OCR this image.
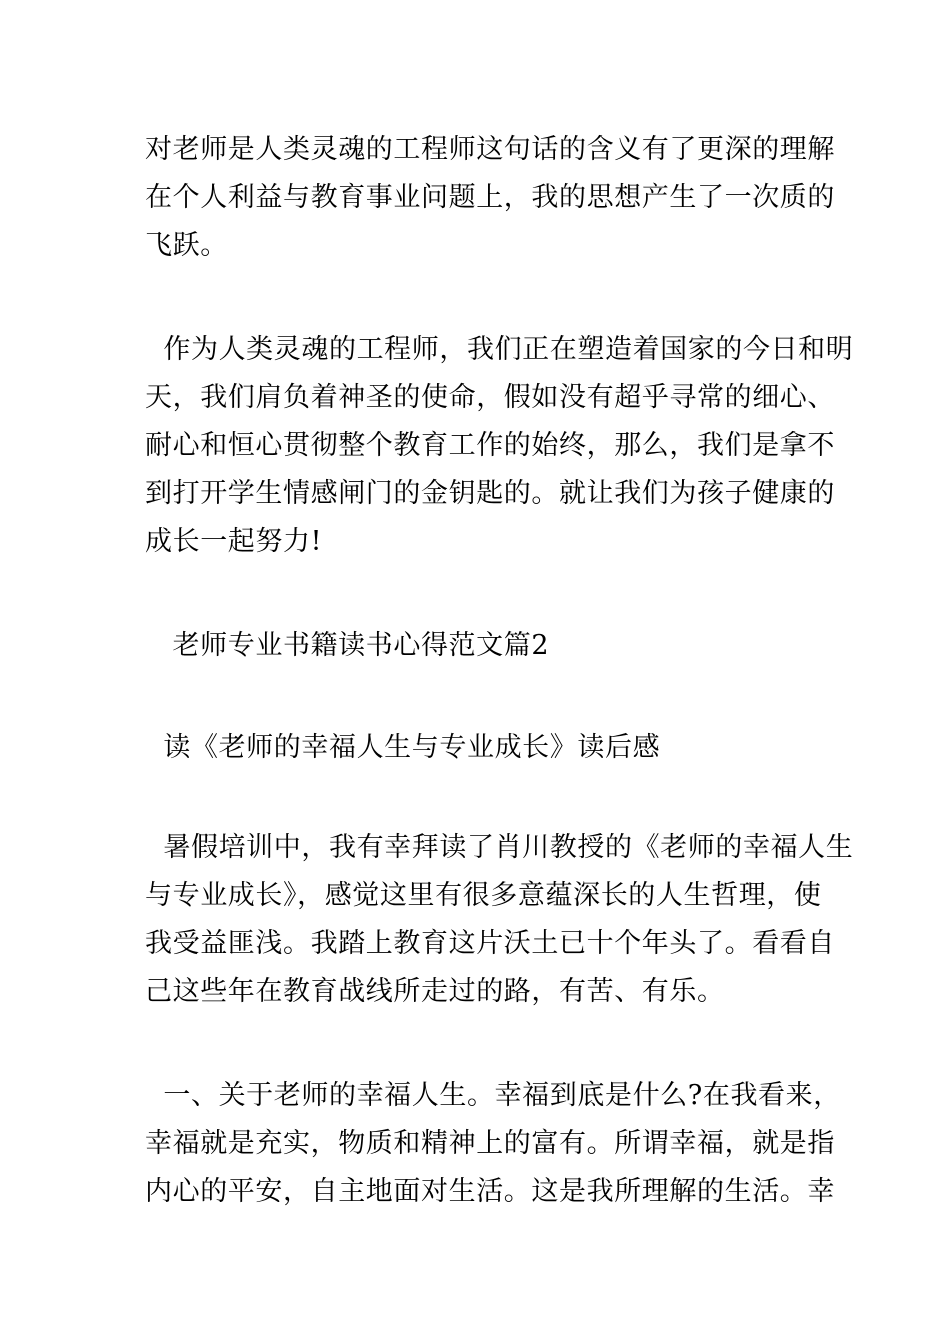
对老师是人类灵魂的工程师这句话的含义有了更深的理解
在个人利益与教育事业问题上，我的思想产生了一次质的
飞跃。
作为人类灵魂的工程师，我们正在塑造着国家的今日和明
天，我们肩负着神圣的使命，假如没有超乎寻常的细心、
耐心和恒心贯彻整个教育工作的始终，那么，我们是拿不
到打开学生情感闸门的金钥匙的。就让我们为孩子健康的
成长一起努力!
老师专业书籍读书心得范文篇2
读《老师的幸福人生与专业成长》读后感
暑假培训中，我有幸拜读了肖川教授的《老师的幸福人生
与专业成长》，感觉这里有很多意蕴深长的人生哲理，使
我受益匪浅。我踏上教育这片沃土已十个年头了。看看自
己这些年在教育战线所走过的路，有苦、有乐。
一、关于老师的幸福人生。幸福到底是什么?在我看来，
幸福就是充实，物质和精神上的富有。所谓幸福，就是指
内心的平安，自主地面对生活。这是我所理解的生活。幸
